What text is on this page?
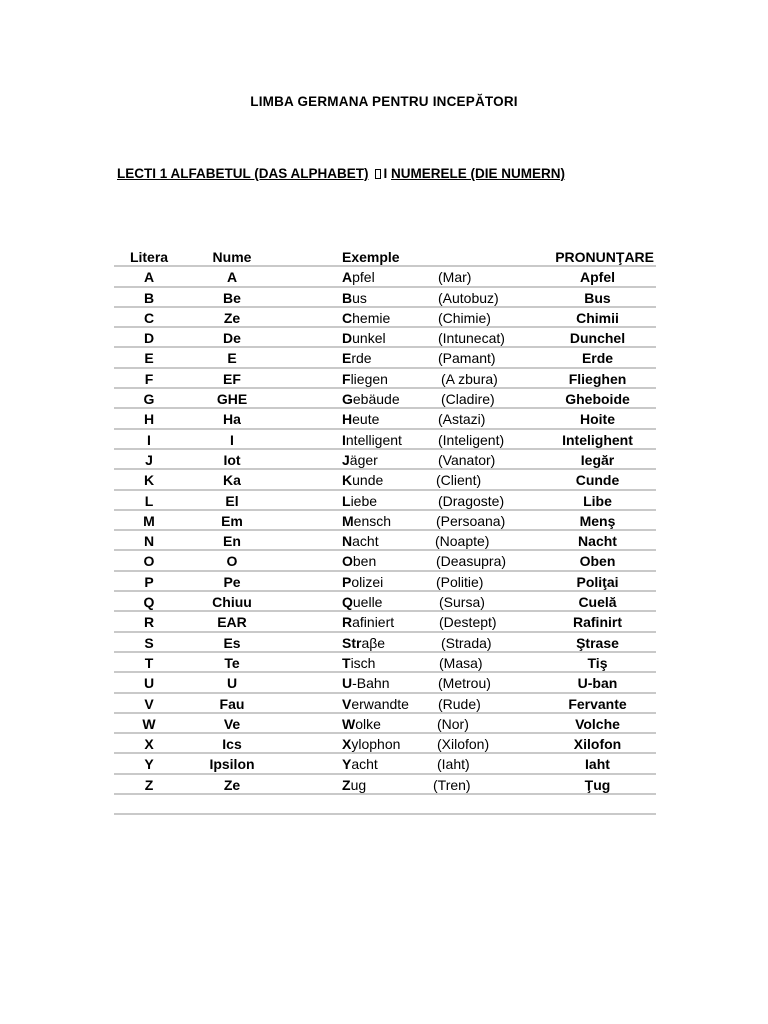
LIMBA GERMANA PENTRU INCEPĂTORI
LECTI 1 ALFABETUL (DAS ALPHABET) I NUMERELE (DIE NUMERN)
Litera	Nume	Exemple	PRONUNŢARE
A	A	Apfel	(Mar)	Apfel
B	Be	Bus	(Autobuz)	Bus
C	Ze	Chemie	(Chimie)	Chimii
D	De	Dunkel	(Intunecat)	Dunchel
E	E	Erde	(Pamant)	Erde
F	EF	Fliegen	(A zbura)	Flieghen
G	GHE	Gebäude	(Cladire)	Gheboide
H	Ha	Heute	(Astazi)	Hoite
I	I	Intelligent	(Inteligent)	Intelighent
J	Iot	Jäger	(Vanator)	Iegăr
K	Ka	Kunde	(Client)	Cunde
L	El	Liebe	(Dragoste)	Libe
M	Em	Mensch	(Persoana)	Menş
N	En	Nacht	(Noapte)	Nacht
O	O	Oben	(Deasupra)	Oben
P	Pe	Polizei	(Politie)	Poliţai
Q	Chiuu	Quelle	(Sursa)	Cuelă
R	EAR	Rafiniert	(Destept)	Rafinirt
S	Es	Straβe	(Strada)	Ştrase
T	Te	Tisch	(Masa)	Tiş
U	U	U-Bahn	(Metrou)	U-ban
V	Fau	Verwandte (Rude)	Fervante
W	Ve	Wolke	(Nor)	Volche
X	Ics	Xylophon	(Xilofon)	Xilofon
Y	Ipsilon	Yacht	(Iaht)	Iaht
Z	Ze	Zug	(Tren)	Ţug
